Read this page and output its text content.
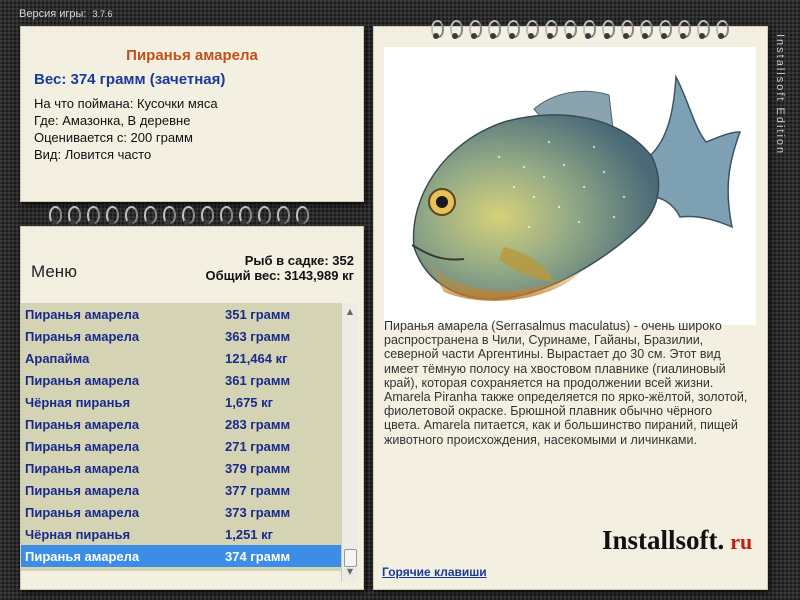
Версия игры: 3.7.6
Installsoft Edition
Пиранья амарела
Вес: 374 грамм (зачетная)
На что поймана: Кусочки мяса
Где: Амазонка, В деревне
Оценивается с: 200 грамм
Вид: Ловится часто
Меню
Рыб в садке: 352
Общий вес: 3143,989 кг
Пиранья амарела	351 грамм
Пиранья амарела	363 грамм
Арапайма	121,464 кг
Пиранья амарела	361 грамм
Чёрная пиранья	1,675 кг
Пиранья амарела	283 грамм
Пиранья амарела	271 грамм
Пиранья амарела	379 грамм
Пиранья амарела	377 грамм
Пиранья амарела	373 грамм
Чёрная пиранья	1,251 кг
Пиранья амарела	374 грамм
▲
▼
Пиранья амарела (Serrasalmus maculatus) - очень широко распространена в Чили, Суринаме, Гайаны, Бразилии, северной части Аргентины. Вырастает до 30 см. Этот вид имеет тёмную полосу на хвостовом плавнике (гиалиновый край), которая сохраняется на продолжении всей жизни. Amarela Piranha также определяется по ярко-жёлтой, золотой, фиолетовой окраске. Брюшной плавник обычно чёрного цвета. Amarela питается, как и большинство пираний, пищей животного происхождения, насекомыми и личинками.
Installsoft. ru
Горячие клавиши
